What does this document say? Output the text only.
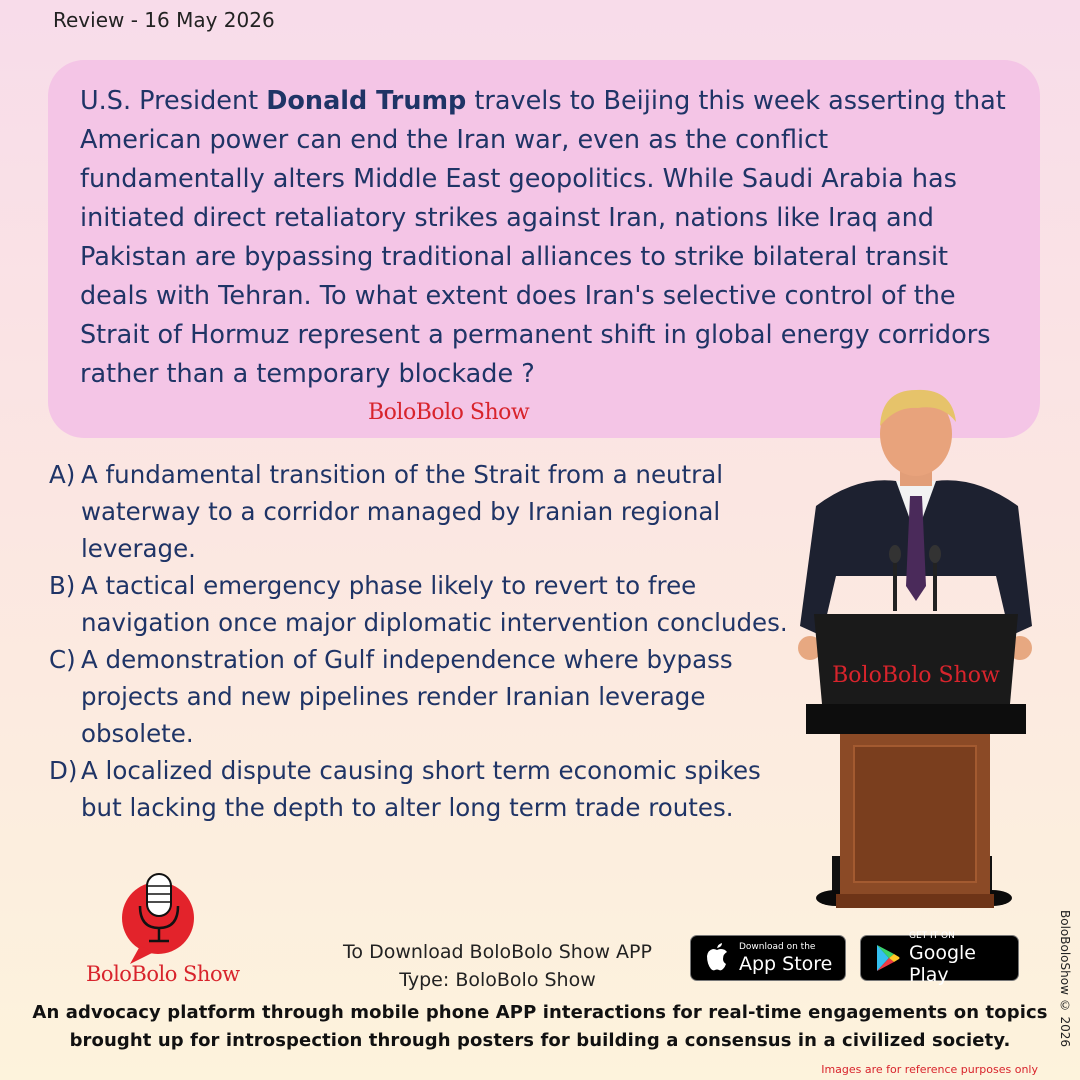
Review - 16 May 2026
U.S. President Donald Trump travels to Beijing this week asserting that American power can end the Iran war, even as the conflict fundamentally alters Middle East geopolitics. While Saudi Arabia has initiated direct retaliatory strikes against Iran, nations like Iraq and Pakistan are bypassing traditional alliances to strike bilateral transit deals with Tehran. To what extent does Iran's selective control of the Strait of Hormuz represent a permanent shift in global energy corridors rather than a temporary blockade ?
BoloBolo Show
A) A fundamental transition of the Strait from a neutral waterway to a corridor managed by Iranian regional leverage.
B) A tactical emergency phase likely to revert to free navigation once major diplomatic intervention concludes.
C) A demonstration of Gulf independence where bypass projects and new pipelines render Iranian leverage obsolete.
D) A localized dispute causing short term economic spikes but lacking the depth to alter long term trade routes.
BoloBolo Show
BoloBolo Show
To Download BoloBolo Show APP
Type: BoloBolo Show
Download on the
App Store
GET IT ON
Google Play
An advocacy platform through mobile phone APP interactions for real-time engagements on topics brought up for introspection through posters for building a consensus in a civilized society.	BoloBoloShow © 2026
Images are for reference purposes only
